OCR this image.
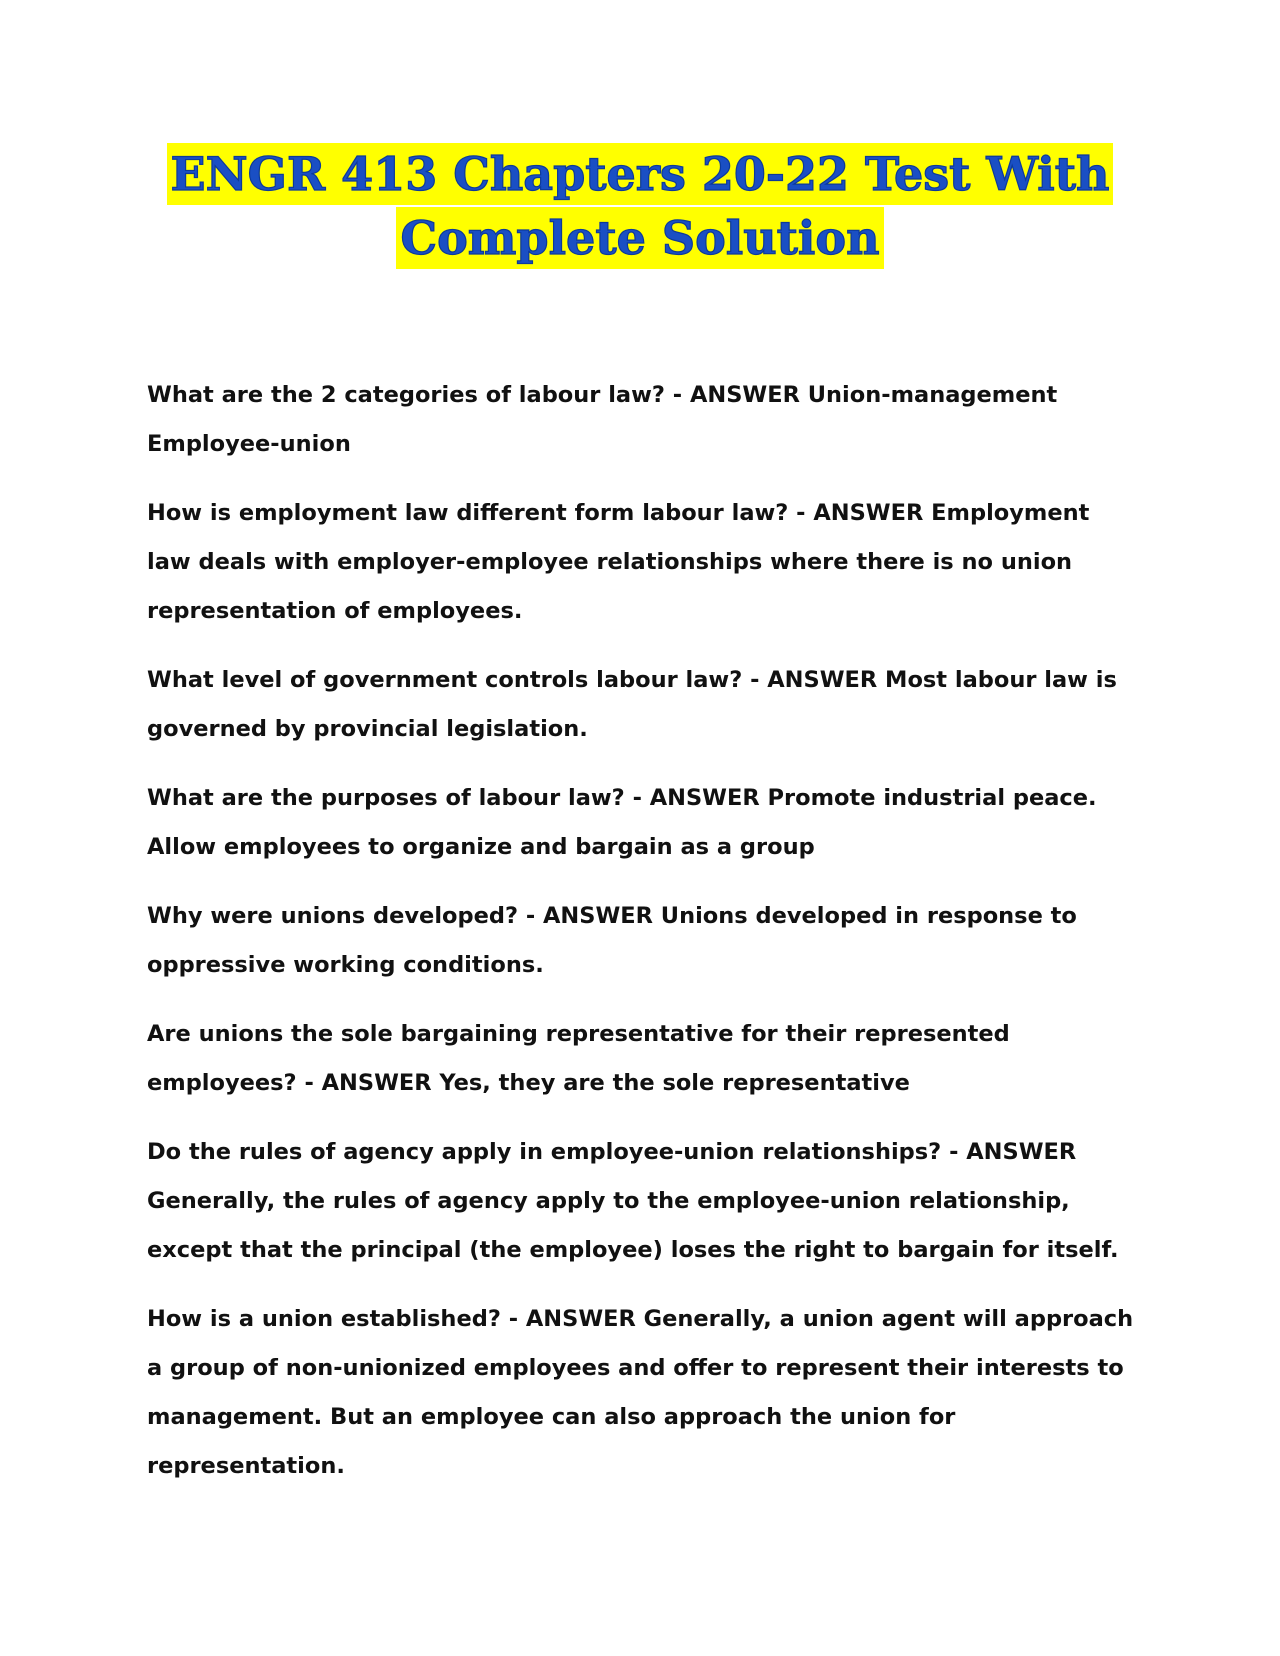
ENGR 413 Chapters 20-22 Test With
Complete Solution

What are the 2 categories of labour law? - ANSWER Union-management Employee-union

How is employment law different form labour law? - ANSWER Employment law deals with employer-employee relationships where there is no union representation of employees.

What level of government controls labour law? - ANSWER Most labour law is governed by provincial legislation.

What are the purposes of labour law? - ANSWER Promote industrial peace. Allow employees to organize and bargain as a group

Why were unions developed? - ANSWER Unions developed in response to oppressive working conditions.

Are unions the sole bargaining representative for their represented employees? - ANSWER Yes, they are the sole representative

Do the rules of agency apply in employee-union relationships? - ANSWER Generally, the rules of agency apply to the employee-union relationship, except that the principal (the employee) loses the right to bargain for itself.

How is a union established? - ANSWER Generally, a union agent will approach a group of non-unionized employees and offer to represent their interests to management. But an employee can also approach the union for representation.
